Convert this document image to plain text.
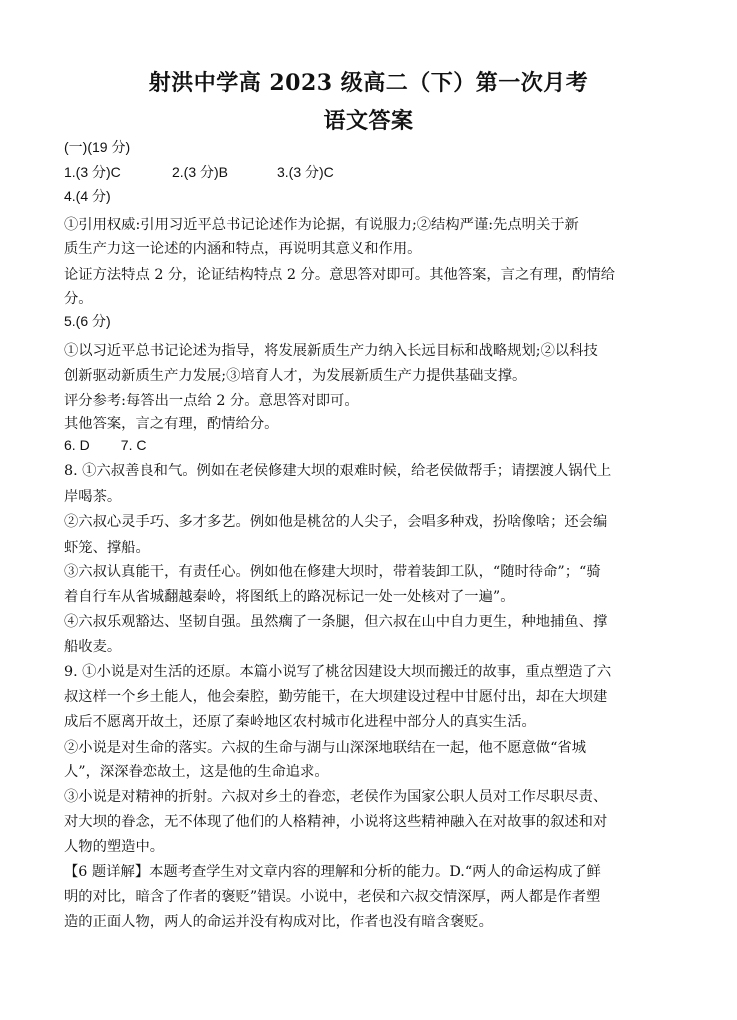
射洪中学高 2023 级高二（下）第一次月考
语文答案
(一)(19 分)
1.(3 分)C	2.(3 分)B	3.(3 分)C
4.(4 分)
①引用权威:引用习近平总书记论述作为论据，有说服力;②结构严谨:先点明关于新
质生产力这一论述的内涵和特点，再说明其意义和作用。
论证方法特点 2 分，论证结构特点 2 分。意思答对即可。其他答案，言之有理，酌情给
分。
5.(6 分)
①以习近平总书记论述为指导，将发展新质生产力纳入长远目标和战略规划;②以科技
创新驱动新质生产力发展;③培育人才，为发展新质生产力提供基础支撑。
评分参考:每答出一点给 2 分。意思答对即可。
其他答案，言之有理，酌情给分。
6. D        7. C
8. ①六叔善良和气。例如在老侯修建大坝的艰难时候，给老侯做帮手；请摆渡人锅代上
岸喝茶。
②六叔心灵手巧、多才多艺。例如他是桃岔的人尖子，会唱多种戏，扮啥像啥；还会编
虾笼、撑船。
③六叔认真能干，有责任心。例如他在修建大坝时，带着装卸工队，“随时待命”；“骑
着自行车从省城翻越秦岭，将图纸上的路况标记一处一处核对了一遍”。
④六叔乐观豁达、坚韧自强。虽然瘸了一条腿，但六叔在山中自力更生，种地捕鱼、撑
船收麦。
9. ①小说是对生活的还原。本篇小说写了桃岔因建设大坝而搬迁的故事，重点塑造了六
叔这样一个乡土能人，他会秦腔，勤劳能干，在大坝建设过程中甘愿付出，却在大坝建
成后不愿离开故土，还原了秦岭地区农村城市化进程中部分人的真实生活。
②小说是对生命的落实。六叔的生命与湖与山深深地联结在一起，他不愿意做“省城
人”，深深眷恋故土，这是他的生命追求。
③小说是对精神的折射。六叔对乡土的眷恋，老侯作为国家公职人员对工作尽职尽责、
对大坝的眷念，无不体现了他们的人格精神，小说将这些精神融入在对故事的叙述和对
人物的塑造中。
【6 题详解】本题考查学生对文章内容的理解和分析的能力。D.“两人的命运构成了鲜
明的对比，暗含了作者的褒贬”错误。小说中，老侯和六叔交情深厚，两人都是作者塑
造的正面人物，两人的命运并没有构成对比，作者也没有暗含褒贬。
